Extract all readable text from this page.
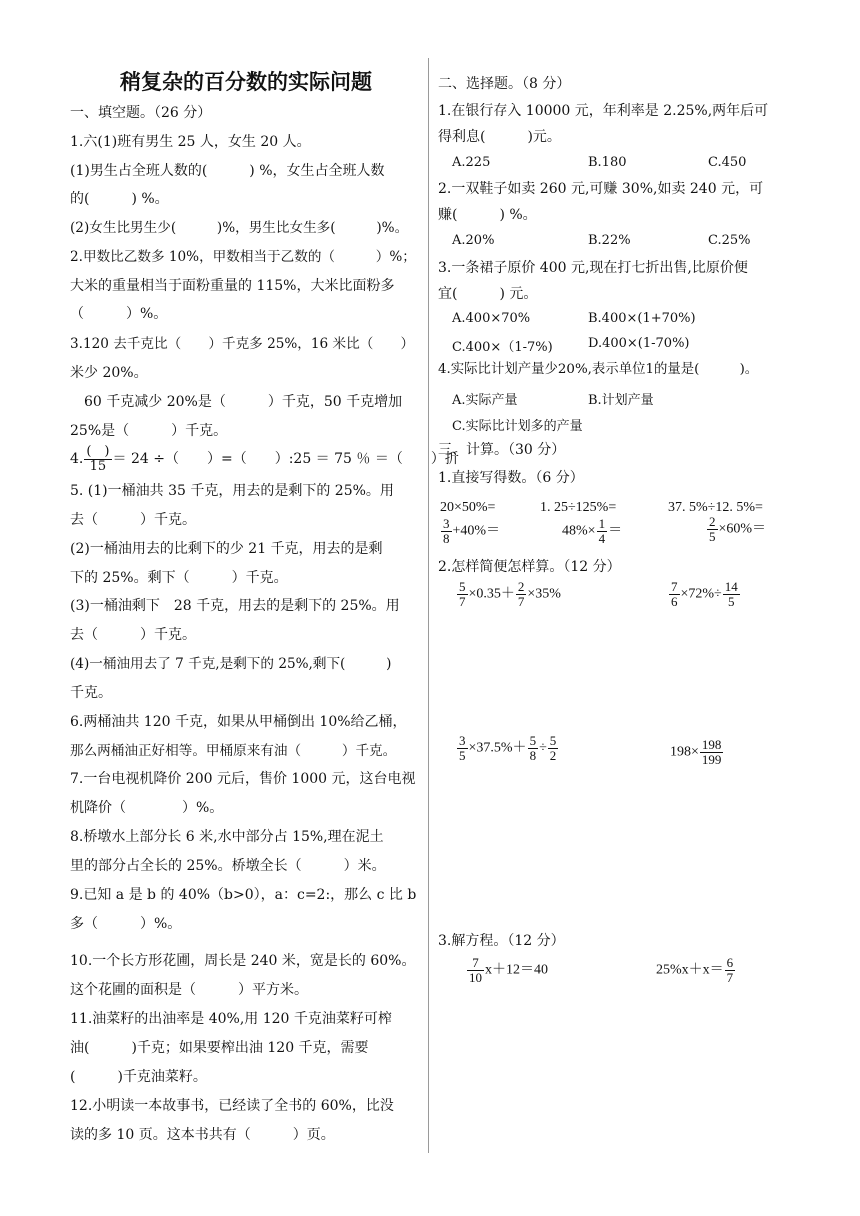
稍复杂的百分数的实际问题
一、填空题。（26 分）
1.六(1)班有男生 25 人，女生 20 人。
(1)男生占全班人数的(　　　) %，女生占全班人数
的(　　　) %。
(2)女生比男生少(　　　)%，男生比女生多(　　　)%。
2.甲数比乙数多 10%，甲数相当于乙数的（　　　）%；
大米的重量相当于面粉重量的 115%，大米比面粉多
（　　　）%。
3.120 去千克比（　　）千克多 25%，16 米比（　　）
米少 20%。
　60 千克减少 20%是（　　　）千克，50 千克增加
25%是（　　　）千克。
4. $\frac{( )}{15} = 24$ ÷（　　）=（　　）:25 ＝ 75 ％ ＝（　　）折
5. (1)一桶油共 35 千克，用去的是剩下的 25%。用
去（　　　）千克。
(2)一桶油用去的比剩下的少 21 千克，用去的是剩
下的 25%。剩下（　　　）千克。
(3)一桶油剩下　28 千克，用去的是剩下的 25%。用
去（　　　）千克。
(4)一桶油用去了 7 千克,是剩下的 25%,剩下(　　　)
千克。
6.两桶油共 120 千克，如果从甲桶倒出 10%给乙桶，
那么两桶油正好相等。甲桶原来有油（　　　）千克。
7.一台电视机降价 200 元后，售价 1000 元，这台电视
机降价（　　　　）%。
8.桥墩水上部分长 6 米,水中部分占 15%,理在泥土
里的部分占全长的 25%。桥墩全长（　　　）米。
9.已知 a 是 b 的 40%（b>0），a：c=2:，那么 c 比 b
多（　　　）%。
10.一个长方形花圃，周长是 240 米，宽是长的 60%。
这个花圃的面积是（　　　）平方米。
11.油菜籽的出油率是 40%,用 120 千克油菜籽可榨
油(　　　)千克；如果要榨出油 120 千克，需要
(　　　)千克油菜籽。
12.小明读一本故事书，已经读了全书的 60%，比没
读的多 10 页。这本书共有（　　　）页。
二、选择题。（8 分）
1.在银行存入 10000 元，年利率是 2.25%,两年后可
得利息(　　　)元。
A.225	B.180	C.450
2.一双鞋子如卖 260 元,可赚 30%,如卖 240 元，可
赚(　　　) %。
A.20%	B.22%	C.25%
3.一条裙子原价 400 元,现在打七折出售,比原价便
宜(　　　) 元。
A.400×70%	B.400×(1+70%)
C.400×（1-7%)	D.400×(1-70%)
4.实际比计划产量少20%,表示单位1的量是(　　　)。
A.实际产量	B.计划产量
C.实际比计划多的产量
三、计算。（30 分）
1.直接写得数。（6 分）
20×50%=	1. 25÷125%=	37. 5%÷12. 5%=
$\frac{3}{8} +40\%=$	$48\%\times \frac{1}{4}$ ＝	$\frac{2}{5} \times 60\%=$
2.怎样简便怎样算。（12 分）
$\frac{5}{7} \times 0.35+ \frac{2}{7} \times 35\%$	$\frac{7}{6} \times 72\%\div \frac{14}{5}$
$\frac{3}{5} \times 37.5\%+ \frac{5}{8} \div \frac{5}{2}$	$198\times \frac{198}{199}$
3.解方程。（12 分）
$\frac{7}{10} x+12=40$	$25\%x+x= \frac{6}{7}$
